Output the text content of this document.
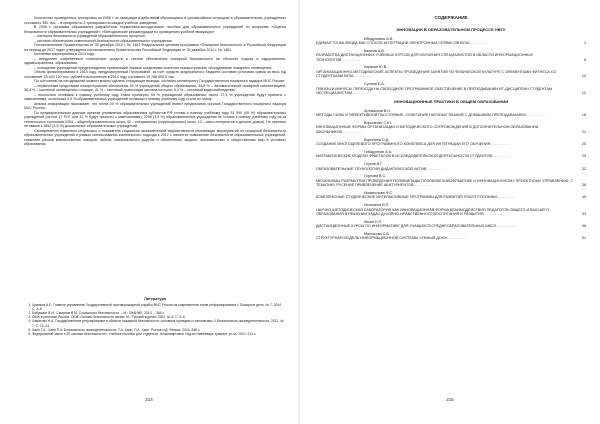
Количество проведенных тренировок за 2006 г. по эвакуации и действиям обучающихся в чрезвычайных ситуациях в образовательных учреждениях составило 390 тыс. – в среднем по 3 тренировки на каждое учебное заведение.

В 2006 г. органами образования разработаны нормативно-методические пособия для образовательных учреждений по вопросам: «Оценка безопасности образовательных учреждений»; «Методические рекомендации по проведению учебной эвакуации»;

– паспорта безопасности учреждений образовательного процесса;

– система обеспечения комплексной безопасности образовательного учреждения.

Постановлением Правительства от 30 декабря 2012 г. № 1481 Федеральная целевая программа «Пожарная безопасность в Российской Федерации на период до 2017 года» утверждена постановлением Правительства Российской Федерации от 30 декабря 2012 г. № 1481.

Ключевые мероприятия в 2014 году:

– внедрение современных технических средств и систем обеспечения пожарной безопасности на объектах отдыха и оздоровления, здравоохранения, образования;

– оснащение учреждений предупреждения организаций новыми средствами спасения пожаротушения, оборудование пожарных оповещения.

Объем финансирования в 2014 году, предусмотренный Программой, за счет средств федерального бюджета составил (итоговая сумма за весь год составляет 25 440 120 тыс. рублей и выполнение в 2014 году составило 10 768 000,0 тыс.

По состоянию на сегодняшний момент можно сделать следующие выводы, согласно мониторингу Государственного пожарного надзора МЧС России:

– первичными средствами пожаротушения обеспечены 94 % учреждений общего образования, 54,8 % – автоматической пожарной сигнализацией, 36,4 % – системой оповещения о пожаре, 41 % – системой трансляции сигнала на пульт, 6,3 % – системой видеонаблюдения;

– полностью готовыми к новому учебному году стали примерно 94 % учреждений образования, около 37,5 % учреждений будут приняты с замечаниями, остальные 8,5 % образовательных учреждений готовыми к новому учебному году стали по плану.

Анализ информации показывает, что почти 25 % образовательных учреждений имеют предписания органов Государственного пожарного надзора МЧС России.

По предварительным данным органов управления образованием субъектов РФ готовы к новому учебному году 51 590 (95 %) образовательных учреждений (из них 17 979, или 32 % будут приняты с замечаниями); 2296 (3,5 %) образовательных учреждения не готовы к новому учебному году из-за технического состояния 2254 – общеобразовательных школ, 42 – специальных (коррекционных) школ, 12 – школ-интернатов и детских домов). Не приняты готовыми к 1852 (4,5 %) дошкольных образовательных учреждений.

Своевременно изменены результаты и показатели социально-экономической эффективности реализации мероприятий по пожарной безопасности образовательных учреждений в рамках использования комплексного подхода к 2017 г. является повышение безопасности образовательных учреждений, снижение рисков возникновения пожаров, гибели, материального ущерба и обеспечение защиты, экономических и общественных мер в условиях образования.

Литература
1. Чумаков А.П. Главное управление Государственной противопожарной службы МЧС России на современном этапе реформирования // Пожарное дело. № 7. 2004. С. 2–6.
2. Бабушкин В.И., Смирнов В.М. Социология безопасности. – М.: ЗНАНИЕ, 2010. – 364 с.
3. ОБЖ в регионах России. ОБЖ. Основы безопасности жизни. М.: Русский журнал. 2002. № 8. С. 3–6.
4. Хаматова Н.А. Государственное регулирование в области пожарной безопасности: основные принципы и механизмы. // Безопасность жизнедеятельности. 2012. № 7. С. 22–24.
5. Хаин Т.А., Хаин П.А. Безопасность жизнедеятельности: Т.А. Хаин, П.А. Хаин. Ростов н/Д: Феникс, 2004. 286 с.
6. Федеральный закон «Об основах безопасности»: Учебное пособие для студентов. Нижневартовск: Изд-во Нижневарт. гуманит. ун-та, 2010. 212 с.
214
СОДЕРЖАНИЕ
ИННОВАЦИИ В ОБРАЗОВАТЕЛЬНОМ ПРОЦЕССЕ НВГУ
Ибадуллина А.В.
ЕДИНАЯ ТОЧКА ВХОДА КАК СПОСОБ ИНТЕГРАЦИИ ЭЛЕКТРОННЫХ СЕРВИСОВ ВУЗА............	3
Каюсов А.В.
РАЗРАБОТКА ДИСТАНЦИОННЫХ УЧЕБНЫХ КУРСОВ ДЛЯ ОБУЧЕНИЯ СПЕЦИАЛИСТОВ В ОБЛАСТИ ИНФОРМАЦИОННЫХ ТЕХНОЛОГИЙ............	6
Корякин Ю.В.
ОРГАНИЗАЦИОННО-МЕТОДИЧЕСКИЕ АСПЕКТЫ ПРОВЕДЕНИЯ ЗАНЯТИЙ ПО ФИЗИЧЕСКОЙ КУЛЬТУРЕ С ЭЛЕМЕНТАМИ ФИТНЕСА СО СТУДЕНТКАМИ ВУЗА............	10
Сулина Е.А.
ПЛЮСЫ И МИНУСЫ ПЕРЕХОДА НА СВОБОДНОЕ ПРОГРАММНОЕ ОБЕСПЕЧЕНИЕ В ПРЕПОДАВАНИИ ИТ-ДИСЦИПЛИН СТУДЕНТАМ НЕСПЕЦИАЛИСТАМ............	12
ИННОВАЦИОННЫЕ ПРАКТИКИ В ОБЩЕМ ОБРАЗОВАНИИ
Артамонов В.Н.
МЕТОДЫ СИЛЫ И ЭФФЕКТИВНОЙ РАССТОЯНИЕ, СОЧЕТАНИЕ НАУЧНЫХ ЗНАНИЙ С ДОМАШНИМ ПРЕПОДАВАНИЕМ............	18
Вороненко С.Ю.
ИННОВАЦИОННЫЕ ФОРМЫ ОРГАНИЗАЦИИ И МЕТОДИЧЕСКОГО СОПРОВОЖДЕНИЯ В ДОПОЛНИТЕЛЬНОМ ОБРАЗОВАНИИ ШКОЛЬНИКОВ............	21
Воронина О.Д.
СОЗДАНИЕ МНОГОЦЕЛЕВОГО ПРОГРАММНОГО КОМПЛЕКСА ДЛЯ ИНТЕГРАЦИИ ЕГО ОБУЧЕНИЯ............	25
Гибадуллин А.А.
МАТЕМАТИЧЕСКИЕ МОДЕЛИ ФРАКТАЛОВ В ИССЛЕДОВАТЕЛЬСКОЙ ДЕЯТЕЛЬНОСТИ СТУДЕНТОВ............	29
Глухов И.Г.
ОБРАЗОВАТЕЛЬНЫЕ ТЕХНОЛОГИИ ДИДАКТИЧЕСКОЙ АКТИВ............	32
Горлова В.С.
МЕХАНИЗМЫ РАЗРАБОТКИ ПРОВЕДЕНИЯ ПОЛИМИПАДЫ ПОЭЛИЗНЕЧНИОФРМАТИКЕ И ИННОВАЦИОННОМУ ПРОЕКТНОМУ УПРАВЛЕНИЮ, С ТЕМАТИКУ РУСЕНИЕ ПРИВЛЕЧЕНИЕ АБИТУРИЕНТОВ............	36
Исмагилова Ф.С.
КОМПЛЕКСНЫЕ СТУДЕНЧЕСКИЕ ИНТЕРАКТИВНЫЕ ПРОГРАММЫ ДЛЯ РАЗВИТИЯ РОБОТОТЕХНИКИ............	40
Истомина И.П.
НАУЧНО-МЕТОДИЧЕСКАЯ ЛАБОРАТОРИЯ КАК ИННОВАЦИОННАЯ ФОРМА ВЗАИМОДЕЙСТВИЯ ПЕДАГОГОВ ОБЩЕГО И ВЫСШЕГО ОБРАЗОВАНИЯ В РЕШЕНИИ ЗАДАЧ ДУХОВНО-НРАВСТВЕННОГО ВОСПИТАНИЯ И РАЗВИТИЯ............	43
Кекин Н.П.
ДИСТАНЦИОННЫЕ КУРСЫ ПО ИНФОРМАТИКЕ ДЛЯ УЧАЩИХСЯ СРЕДНЕОБРАЗОВАТЕЛЬНЫХ ШКОЛ............	46
Милюкова С.В.
СТРУКТУРНАЯ МОДЕЛЬ ИНФОРМАЦИОННОЙ СИСТЕМЫ «УМНЫЙ ДОМ»............	51
215
